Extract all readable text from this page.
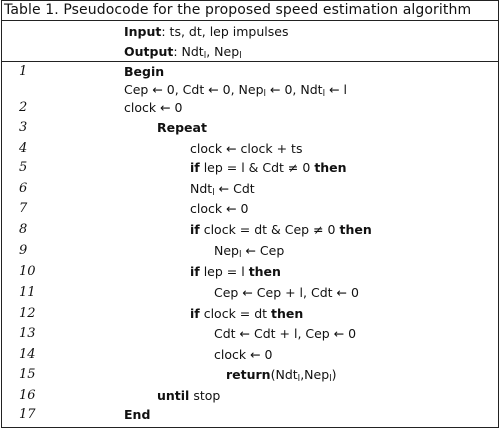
Table 1. Pseudocode for the proposed speed estimation algorithm
Input: ts, dt, lep impulses
Output: Ndt$_l$, Nep$_l$
1	Begin
Cep ← 0, Cdt ← 0, Nep$_l$ ← 0, Ndt$_l$ ← l
2	clock ← 0
3	Repeat
4	clock ← clock + ts
5	if lep = l & Cdt ≠ 0 then
6	Ndt$_l$ ← Cdt
7	clock ← 0
8	if clock = dt & Cep ≠ 0 then
9	Nep$_l$ ← Cep
10	if lep = l then
11	Cep ← Cep + l, Cdt ← 0
12	if clock = dt then
13	Cdt ← Cdt + l, Cep ← 0
14	clock ← 0
15	return(Ndt$_l$,Nep$_l$)
16	until stop
17	End
